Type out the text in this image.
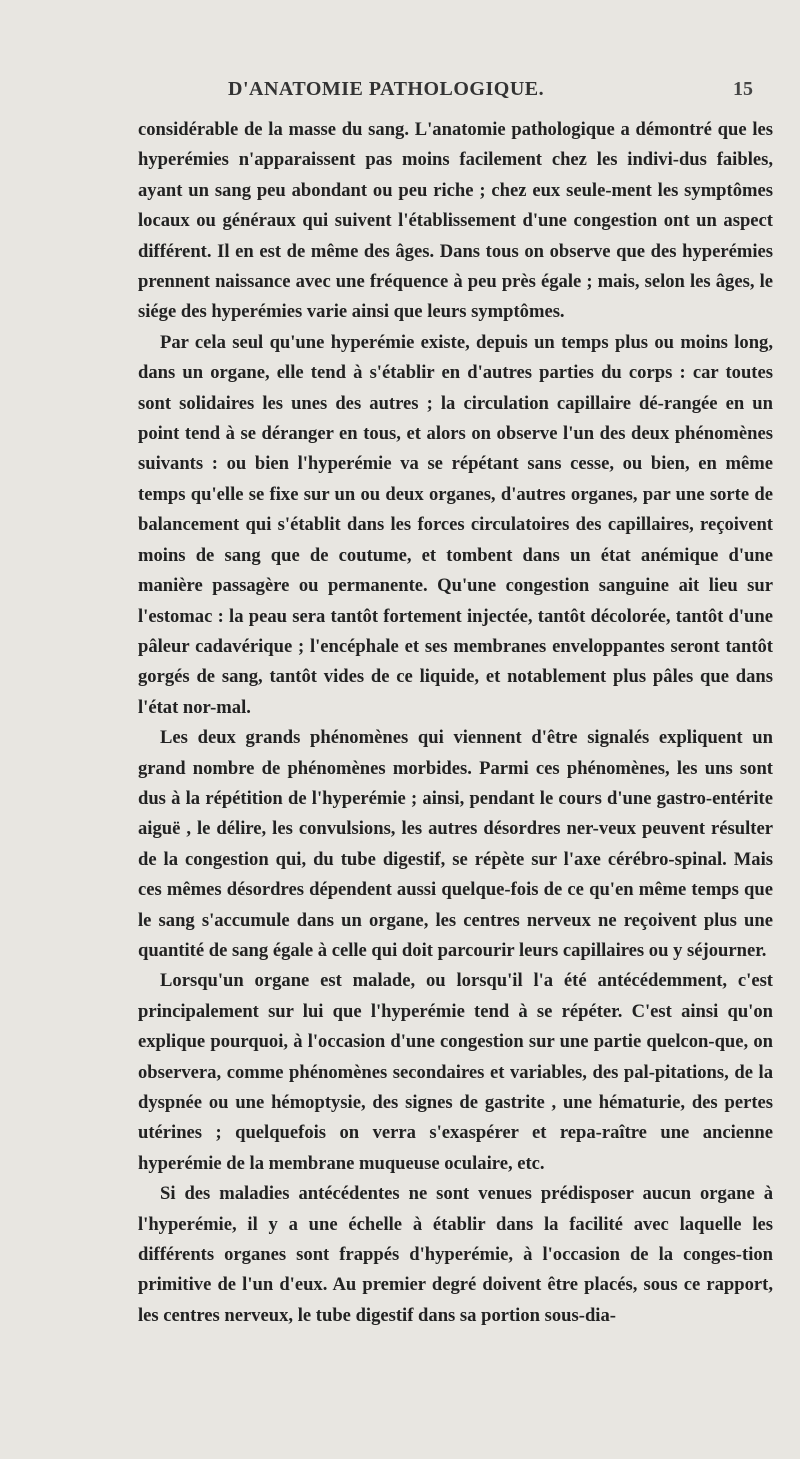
D'ANATOMIE PATHOLOGIQUE.	15

considérable de la masse du sang. L'anatomie pathologique a démontré que les hyperémies n'apparaissent pas moins facilement chez les indivi-dus faibles, ayant un sang peu abondant ou peu riche ; chez eux seule-ment les symptômes locaux ou généraux qui suivent l'établissement d'une congestion ont un aspect différent. Il en est de même des âges. Dans tous on observe que des hyperémies prennent naissance avec une fréquence à peu près égale ; mais, selon les âges, le siége des hyperémies varie ainsi que leurs symptômes.

Par cela seul qu'une hyperémie existe, depuis un temps plus ou moins long, dans un organe, elle tend à s'établir en d'autres parties du corps : car toutes sont solidaires les unes des autres ; la circulation capillaire dé-rangée en un point tend à se déranger en tous, et alors on observe l'un des deux phénomènes suivants : ou bien l'hyperémie va se répétant sans cesse, ou bien, en même temps qu'elle se fixe sur un ou deux organes, d'autres organes, par une sorte de balancement qui s'établit dans les forces circulatoires des capillaires, reçoivent moins de sang que de coutume, et tombent dans un état anémique d'une manière passagère ou permanente. Qu'une congestion sanguine ait lieu sur l'estomac : la peau sera tantôt fortement injectée, tantôt décolorée, tantôt d'une pâleur cadavérique ; l'encéphale et ses membranes enveloppantes seront tantôt gorgés de sang, tantôt vides de ce liquide, et notablement plus pâles que dans l'état nor-mal.

Les deux grands phénomènes qui viennent d'être signalés expliquent un grand nombre de phénomènes morbides. Parmi ces phénomènes, les uns sont dus à la répétition de l'hyperémie ; ainsi, pendant le cours d'une gastro-entérite aiguë , le délire, les convulsions, les autres désordres ner-veux peuvent résulter de la congestion qui, du tube digestif, se répète sur l'axe cérébro-spinal. Mais ces mêmes désordres dépendent aussi quelque-fois de ce qu'en même temps que le sang s'accumule dans un organe, les centres nerveux ne reçoivent plus une quantité de sang égale à celle qui doit parcourir leurs capillaires ou y séjourner.

Lorsqu'un organe est malade, ou lorsqu'il l'a été antécédemment, c'est principalement sur lui que l'hyperémie tend à se répéter. C'est ainsi qu'on explique pourquoi, à l'occasion d'une congestion sur une partie quelcon-que, on observera, comme phénomènes secondaires et variables, des pal-pitations, de la dyspnée ou une hémoptysie, des signes de gastrite , une hématurie, des pertes utérines ; quelquefois on verra s'exaspérer et repa-raître une ancienne hyperémie de la membrane muqueuse oculaire, etc.

Si des maladies antécédentes ne sont venues prédisposer aucun organe à l'hyperémie, il y a une échelle à établir dans la facilité avec laquelle les différents organes sont frappés d'hyperémie, à l'occasion de la conges-tion primitive de l'un d'eux. Au premier degré doivent être placés, sous ce rapport, les centres nerveux, le tube digestif dans sa portion sous-dia-
